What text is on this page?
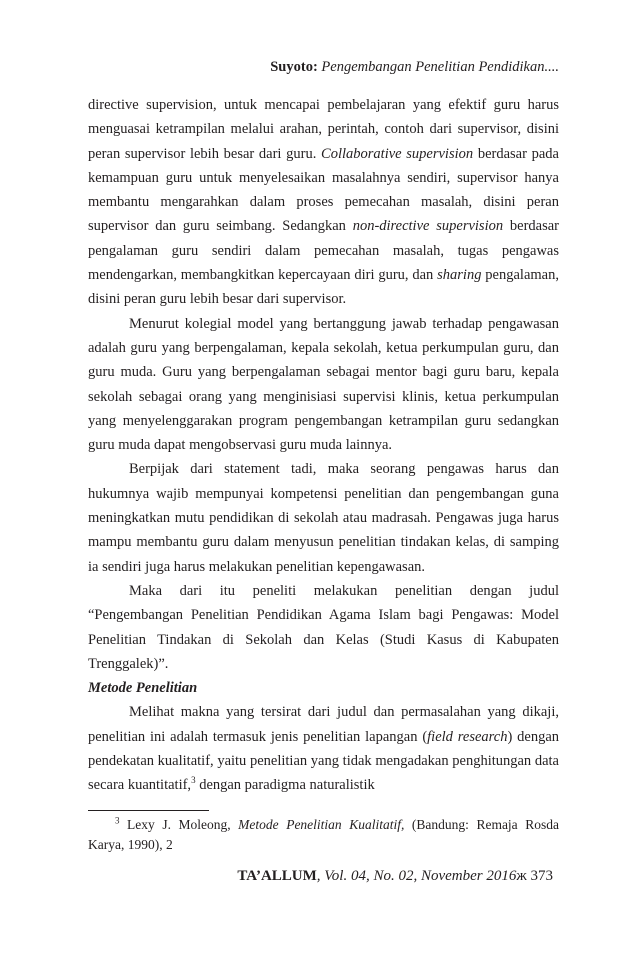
Suyoto: Pengembangan Penelitian Pendidikan....

directive supervision, untuk mencapai pembelajaran yang efektif guru harus menguasai ketrampilan melalui arahan, perintah, contoh dari supervisor, disini peran supervisor lebih besar dari guru. Collaborative supervision berdasar pada kemampuan guru untuk menyelesaikan masalahnya sendiri, supervisor hanya membantu mengarahkan dalam proses pemecahan masalah, disini peran supervisor dan guru seimbang. Sedangkan non-directive supervision berdasar pengalaman guru sendiri dalam pemecahan masalah, tugas pengawas mendengarkan, membangkitkan kepercayaan diri guru, dan sharing pengalaman, disini peran guru lebih besar dari supervisor.

Menurut kolegial model yang bertanggung jawab terhadap pengawasan adalah guru yang berpengalaman, kepala sekolah, ketua perkumpulan guru, dan guru muda. Guru yang berpengalaman sebagai mentor bagi guru baru, kepala sekolah sebagai orang yang menginisiasi supervisi klinis, ketua perkumpulan yang menyelenggarakan program pengembangan ketrampilan guru sedangkan guru muda dapat mengobservasi guru muda lainnya.

Berpijak dari statement tadi, maka seorang pengawas harus dan hukumnya wajib mempunyai kompetensi penelitian dan pengembangan guna meningkatkan mutu pendidikan di sekolah atau madrasah. Pengawas juga harus mampu membantu guru dalam menyusun penelitian tindakan kelas, di samping ia sendiri juga harus melakukan penelitian kepengawasan.

Maka dari itu peneliti melakukan penelitian dengan judul “Pengembangan Penelitian Pendidikan Agama Islam bagi Pengawas: Model Penelitian Tindakan di Sekolah dan Kelas (Studi Kasus di Kabupaten Trenggalek)”.

Metode Penelitian

Melihat makna yang tersirat dari judul dan permasalahan yang dikaji, penelitian ini adalah termasuk jenis penelitian lapangan (field research) dengan pendekatan kualitatif, yaitu penelitian yang tidak mengadakan penghitungan data secara kuantitatif,$^3$ dengan paradigma naturalistik

$^3$ Lexy J. Moleong, Metode Penelitian Kualitatif, (Bandung: Remaja Rosda Karya, 1990), 2

TA’ALLUM, Vol. 04, No. 02, November 2016ж 373
